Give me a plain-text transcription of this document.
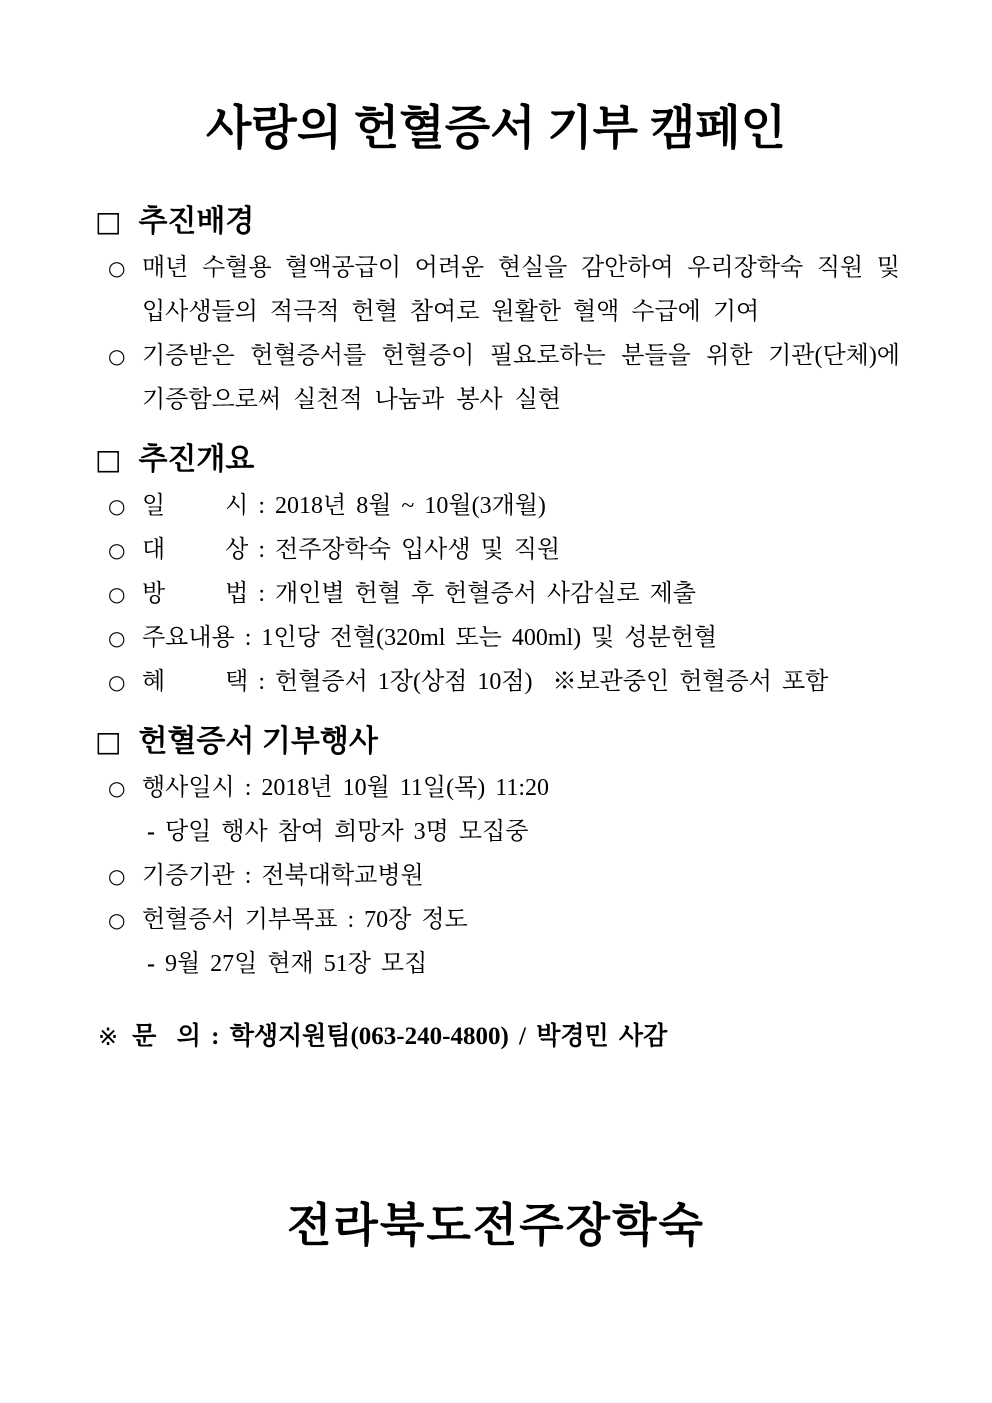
사랑의 헌혈증서 기부 캠페인
□ 추진배경
○ 매년 수혈용 혈액공급이 어려운 현실을 감안하여 우리장학숙 직원 및 입사생들의 적극적 헌혈 참여로 원활한 혈액 수급에 기여
○ 기증받은 헌혈증서를 헌혈증이 필요로하는 분들을 위한 기관(단체)에 기증함으로써 실천적 나눔과 봉사 실현
□ 추진개요
○ 일      시 : 2018년 8월 ~ 10월(3개월)
○ 대      상 : 전주장학숙 입사생 및 직원
○ 방      법 : 개인별 헌혈 후 헌혈증서 사감실로 제출
○ 주요내용 : 1인당 전혈(320ml 또는 400ml) 및 성분헌혈
○ 혜      택 : 헌혈증서 1장(상점 10점)  ※보관중인 헌혈증서 포함
□ 헌혈증서 기부행사
○ 행사일시 : 2018년 10월 11일(목) 11:20
- 당일 행사 참여 희망자 3명 모집중
○ 기증기관 : 전북대학교병원
○ 헌혈증서 기부목표 : 70장 정도
- 9월 27일 현재 51장 모집
※ 문  의 : 학생지원팀(063-240-4800) / 박경민 사감
전라북도전주장학숙
